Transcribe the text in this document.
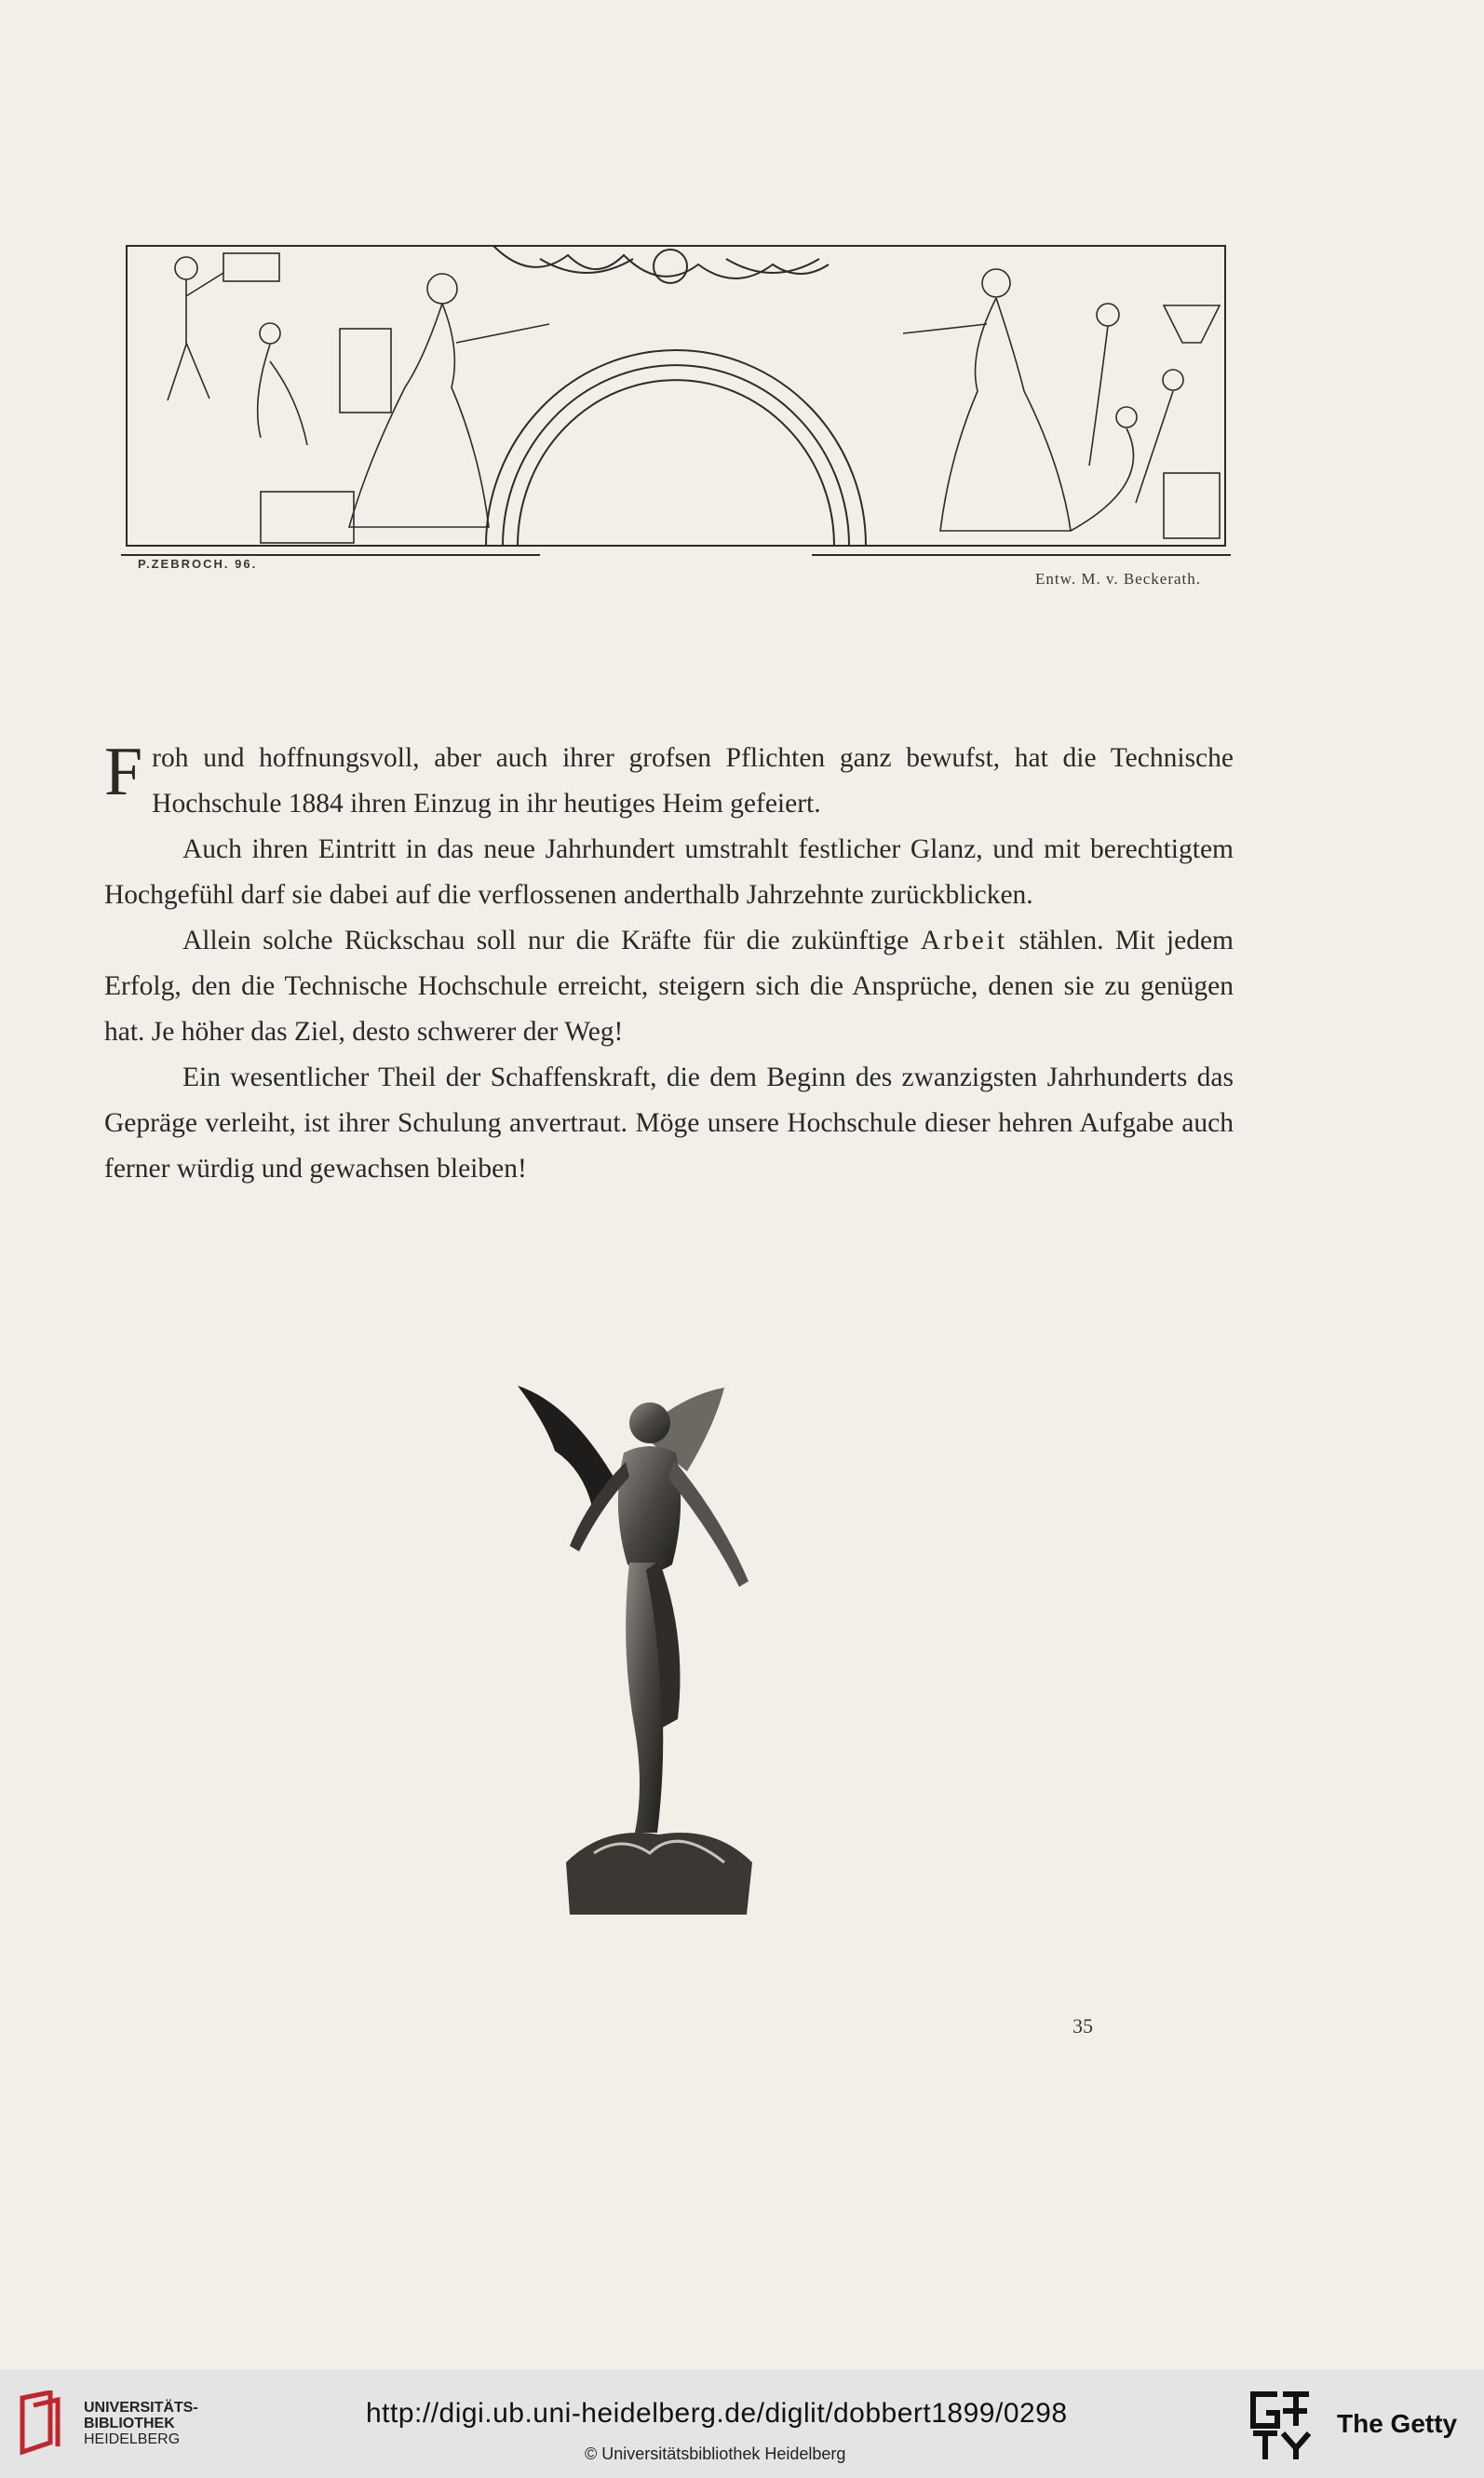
P.ZEBROCH. 96.
Entw. M. v. Beckerath.

Froh und hoffnungsvoll, aber auch ihrer grofsen Pflichten ganz bewufst, hat die Technische Hochschule 1884 ihren Einzug in ihr heutiges Heim gefeiert.

Auch ihren Eintritt in das neue Jahrhundert umstrahlt festlicher Glanz, und mit berechtigtem Hochgefühl darf sie dabei auf die verflossenen anderthalb Jahrzehnte zurückblicken.

Allein solche Rückschau soll nur die Kräfte für die zukünftige Arbeit stählen. Mit jedem Erfolg, den die Technische Hochschule erreicht, steigern sich die Ansprüche, denen sie zu genügen hat. Je höher das Ziel, desto schwerer der Weg!

Ein wesentlicher Theil der Schaffenskraft, die dem Beginn des zwanzigsten Jahrhunderts das Gepräge verleiht, ist ihrer Schulung anvertraut. Möge unsere Hochschule dieser hehren Aufgabe auch ferner würdig und gewachsen bleiben!

35
UNIVERSITÄTS-
BIBLIOTHEK
HEIDELBERG
http://digi.ub.uni-heidelberg.de/diglit/dobbert1899/0298
© Universitätsbibliothek Heidelberg
The Getty
